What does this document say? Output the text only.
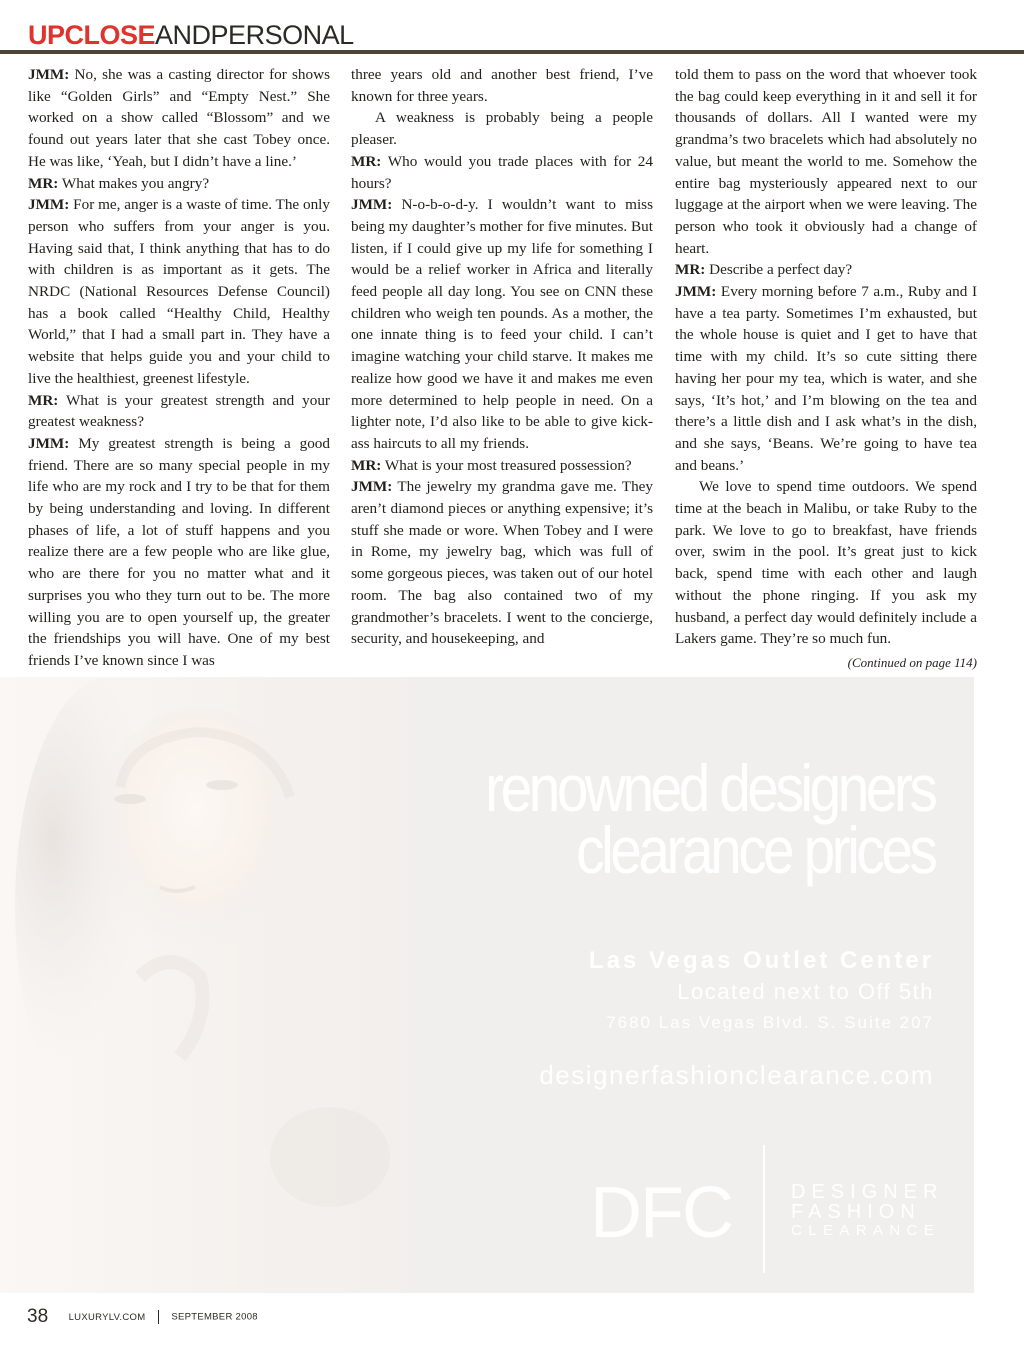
UPCLOSEANDPERSONAL

JMM: No, she was a casting director for shows like “Golden Girls” and “Empty Nest.” She worked on a show called “Blossom” and we found out years later that she cast Tobey once. He was like, ‘Yeah, but I didn’t have a line.’

MR: What makes you angry?

JMM: For me, anger is a waste of time. The only person who suffers from your anger is you. Having said that, I think anything that has to do with children is as important as it gets. The NRDC (National Resources Defense Council) has a book called “Healthy Child, Healthy World,” that I had a small part in. They have a website that helps guide you and your child to live the healthiest, greenest lifestyle.

MR: What is your greatest strength and your greatest weakness?

JMM: My greatest strength is being a good friend. There are so many special people in my life who are my rock and I try to be that for them by being understanding and loving. In different phases of life, a lot of stuff happens and you realize there are a few people who are like glue, who are there for you no matter what and it surprises you who they turn out to be. The more willing you are to open yourself up, the greater the friendships you will have. One of my best friends I’ve known since I was

three years old and another best friend, I’ve known for three years.

A weakness is probably being a people pleaser.

MR: Who would you trade places with for 24 hours?

JMM: N-o-b-o-d-y. I wouldn’t want to miss being my daughter’s mother for five minutes. But listen, if I could give up my life for something I would be a relief worker in Africa and literally feed people all day long. You see on CNN these children who weigh ten pounds. As a mother, the one innate thing is to feed your child. I can’t imagine watching your child starve. It makes me realize how good we have it and makes me even more determined to help people in need. On a lighter note, I’d also like to be able to give kick-ass haircuts to all my friends.

MR: What is your most treasured possession?

JMM: The jewelry my grandma gave me. They aren’t diamond pieces or anything expensive; it’s stuff she made or wore. When Tobey and I were in Rome, my jewelry bag, which was full of some gorgeous pieces, was taken out of our hotel room. The bag also contained two of my grandmother’s bracelets. I went to the concierge, security, and housekeeping, and

told them to pass on the word that whoever took the bag could keep everything in it and sell it for thousands of dollars. All I wanted were my grandma’s two bracelets which had absolutely no value, but meant the world to me. Somehow the entire bag mysteriously appeared next to our luggage at the airport when we were leaving. The person who took it obviously had a change of heart.

MR: Describe a perfect day?

JMM: Every morning before 7 a.m., Ruby and I have a tea party. Sometimes I’m exhausted, but the whole house is quiet and I get to have that time with my child. It’s so cute sitting there having her pour my tea, which is water, and she says, ‘It’s hot,’ and I’m blowing on the tea and there’s a little dish and I ask what’s in the dish, and she says, ‘Beans. We’re going to have tea and beans.’

We love to spend time outdoors. We spend time at the beach in Malibu, or take Ruby to the park. We love to go to breakfast, have friends over, swim in the pool. It’s great just to kick back, spend time with each other and laugh without the phone ringing. If you ask my husband, a perfect day would definitely include a Lakers game. They’re so much fun.

(Continued on page 114)

renowned designers
clearance prices
Las Vegas Outlet Center
Located next to Off 5th
7680 Las Vegas Blvd. S. Suite 207
designerfashionclearance.com
DFC	DESIGNER
FASHION
CLEARANCE
38 LUXURYLV.COM	SEPTEMBER 2008
